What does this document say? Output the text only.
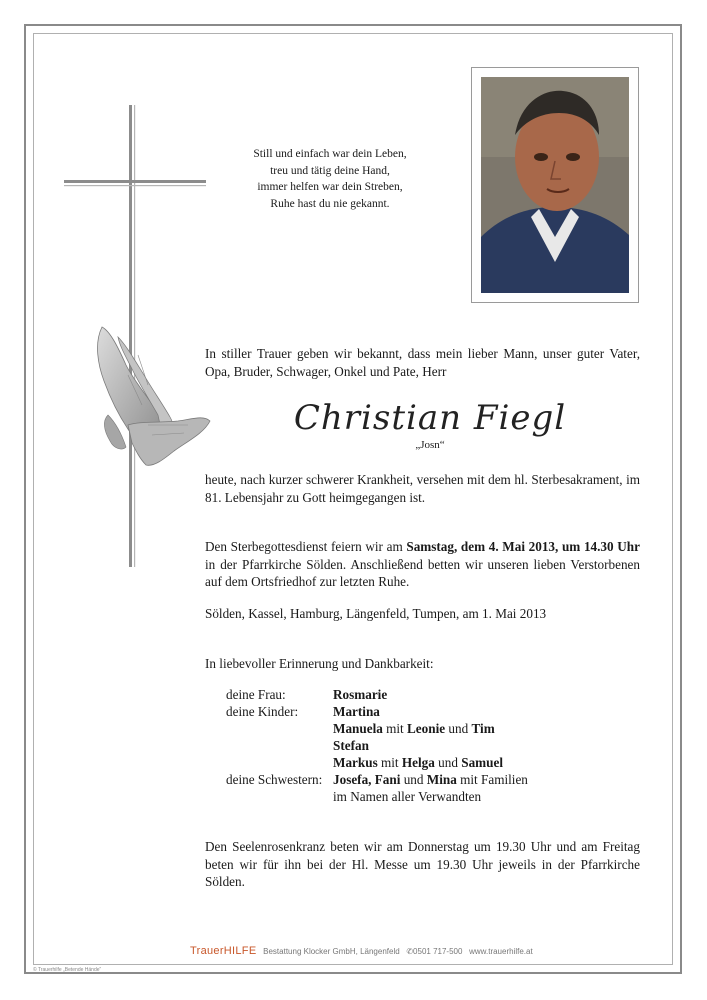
Still und einfach war dein Leben,
treu und tätig deine Hand,
immer helfen war dein Streben,
Ruhe hast du nie gekannt.
In stiller Trauer geben wir bekannt, dass mein lieber Mann, unser guter Vater, Opa, Bruder, Schwager, Onkel und Pate, Herr
Christian Fiegl
„Josn“
heute, nach kurzer schwerer Krankheit, versehen mit dem hl. Sterbesakrament, im 81. Lebensjahr zu Gott heimgegangen ist.
Den Sterbegottesdienst feiern wir am Samstag, dem 4. Mai 2013, um 14.30 Uhr in der Pfarrkirche Sölden. Anschließend betten wir unseren lieben Verstorbenen auf dem Ortsfriedhof zur letzten Ruhe.
Sölden, Kassel, Hamburg, Längenfeld, Tumpen, am 1. Mai 2013
In liebevoller Erinnerung und Dankbarkeit:
deine Frau:	Rosmarie
deine Kinder:	Martina
Manuela mit Leonie und Tim
Stefan
Markus mit Helga und Samuel
deine Schwestern: Josefa, Fani und Mina mit Familien
im Namen aller Verwandten
Den Seelenrosenkranz beten wir am Donnerstag um 19.30 Uhr und am Freitag beten wir für ihn bei der Hl. Messe um 19.30 Uhr jeweils in der Pfarrkirche Sölden.
TrauerHILFE Bestattung Klocker GmbH, Längenfeld ✆0501 717-500 www.trauerhilfe.at
© Trauerhilfe „Betende Hände“
